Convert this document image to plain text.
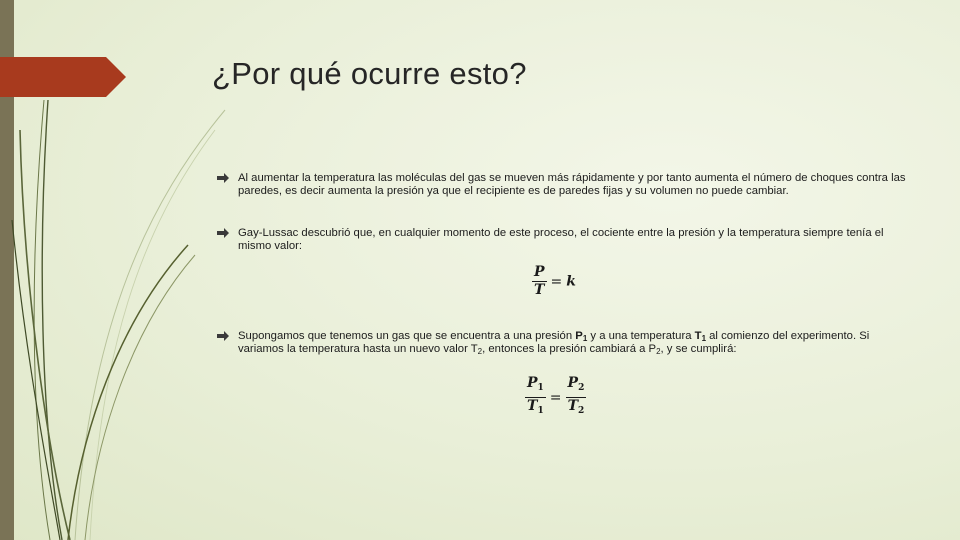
¿Por qué ocurre esto?
Al aumentar la temperatura las moléculas del gas se mueven más rápidamente y por tanto aumenta el número de choques contra las paredes, es decir aumenta la presión ya que el recipiente es de paredes fijas y su volumen no puede cambiar.
Gay-Lussac descubrió que, en cualquier momento de este proceso, el cociente entre la presión y la temperatura siempre tenía el mismo valor:
$\frac{P}{T} = k$
Supongamos que tenemos un gas que se encuentra a una presión $P_1$ y a una temperatura $T_1$ al comienzo del experimento. Si variamos la temperatura hasta un nuevo valor $T_2$, entonces la presión cambiará a $P_2$, y se cumplirá:
$\frac{P_1}{T_1} = \frac{P_2}{T_2}$
